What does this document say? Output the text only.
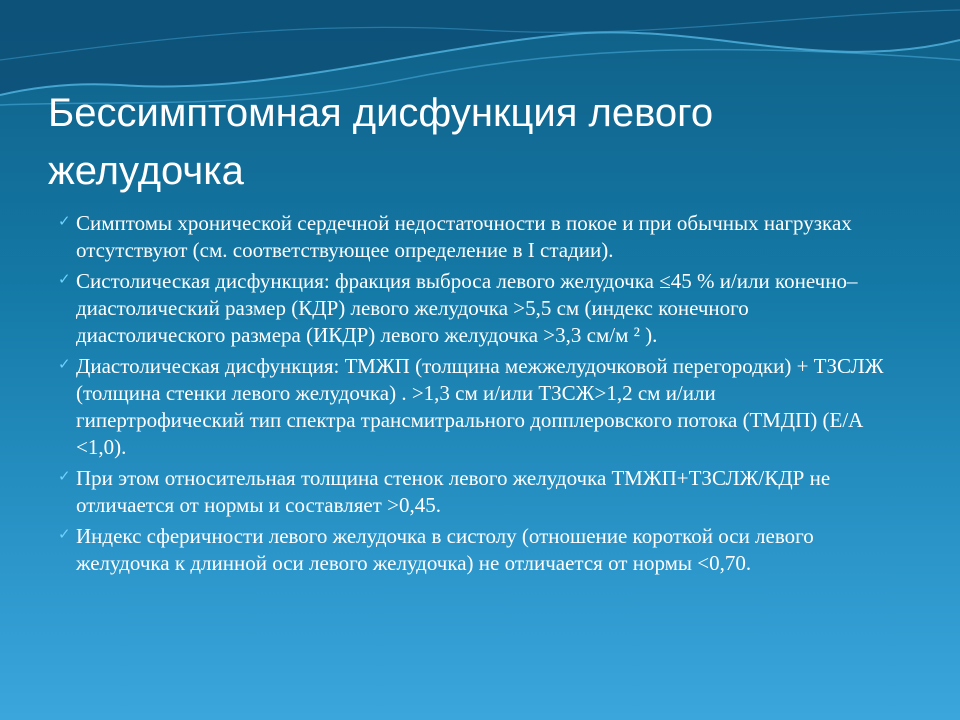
Бессимптомная дисфункция левого желудочка
✓ Симптомы хронической сердечной недостаточности в покое и при обычных нагрузках отсутствуют (см. соответствующее определение в I стадии).
✓ Систолическая дисфункция: фракция выброса левого желудочка ≤45 % и/или конечно–диастолический размер (КДР) левого желудочка >5,5 см (индекс конечного диастолического размера (ИКДР) левого желудочка >3,3 см/м ² ).
✓ Диастолическая дисфункция: ТМЖП (толщина межжелудочковой перегородки) + ТЗСЛЖ (толщина стенки левого желудочка) . >1,3 см и/или ТЗСЖ>1,2 см и/или гипертрофический тип спектра трансмитрального допплеровского потока (ТМДП) (Е/А <1,0).
✓ При этом относительная толщина стенок левого желудочка ТМЖП+ТЗСЛЖ/КДР не отличается от нормы и составляет >0,45.
✓ Индекс сферичности левого желудочка в систолу (отношение короткой оси левого желудочка к длинной оси левого желудочка) не отличается от нормы <0,70.
